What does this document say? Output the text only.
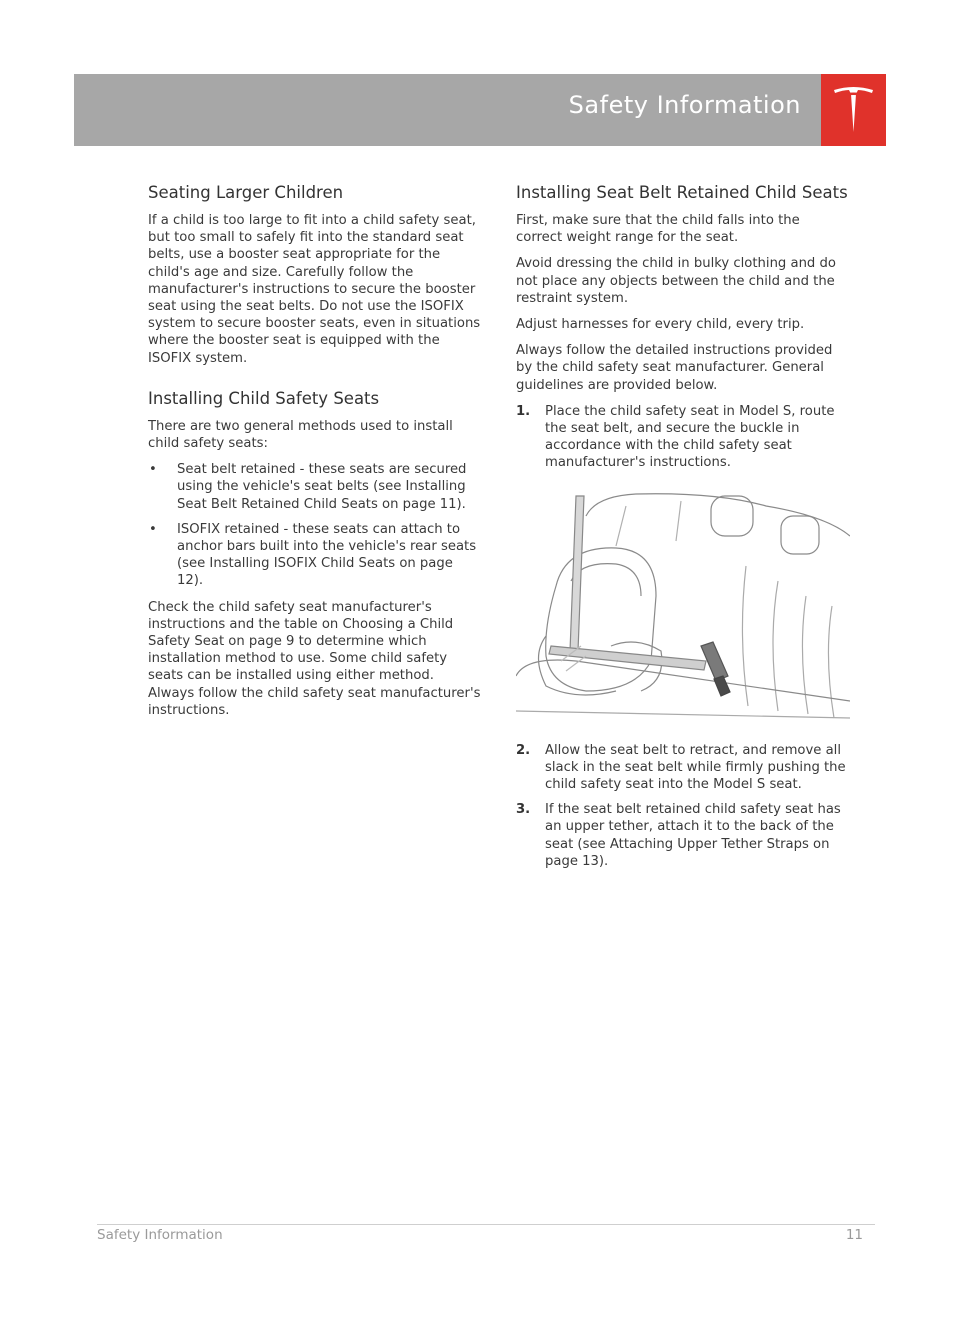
Safety Information
Seating Larger Children

If a child is too large to fit into a child safety seat, but too small to safely fit into the standard seat belts, use a booster seat appropriate for the child's age and size. Carefully follow the manufacturer's instructions to secure the booster seat using the seat belts. Do not use the ISOFIX system to secure booster seats, even in situations where the booster seat is equipped with the ISOFIX system.

Installing Child Safety Seats

There are two general methods used to install child safety seats:

• Seat belt retained - these seats are secured using the vehicle's seat belts (see Installing Seat Belt Retained Child Seats on page 11).
• ISOFIX retained - these seats can attach to anchor bars built into the vehicle's rear seats (see Installing ISOFIX Child Seats on page 12).

Check the child safety seat manufacturer's instructions and the table on Choosing a Child Safety Seat on page 9 to determine which installation method to use. Some child safety seats can be installed using either method. Always follow the child safety seat manufacturer's instructions.

Installing Seat Belt Retained Child Seats

First, make sure that the child falls into the correct weight range for the seat.

Avoid dressing the child in bulky clothing and do not place any objects between the child and the restraint system.

Adjust harnesses for every child, every trip.

Always follow the detailed instructions provided by the child safety seat manufacturer. General guidelines are provided below.

1. Place the child safety seat in Model S, route the seat belt, and secure the buckle in accordance with the child safety seat manufacturer's instructions.
2. Allow the seat belt to retract, and remove all slack in the seat belt while firmly pushing the child safety seat into the Model S seat.
3. If the seat belt retained child safety seat has an upper tether, attach it to the back of the seat (see Attaching Upper Tether Straps on page 13).
Safety Information	11
